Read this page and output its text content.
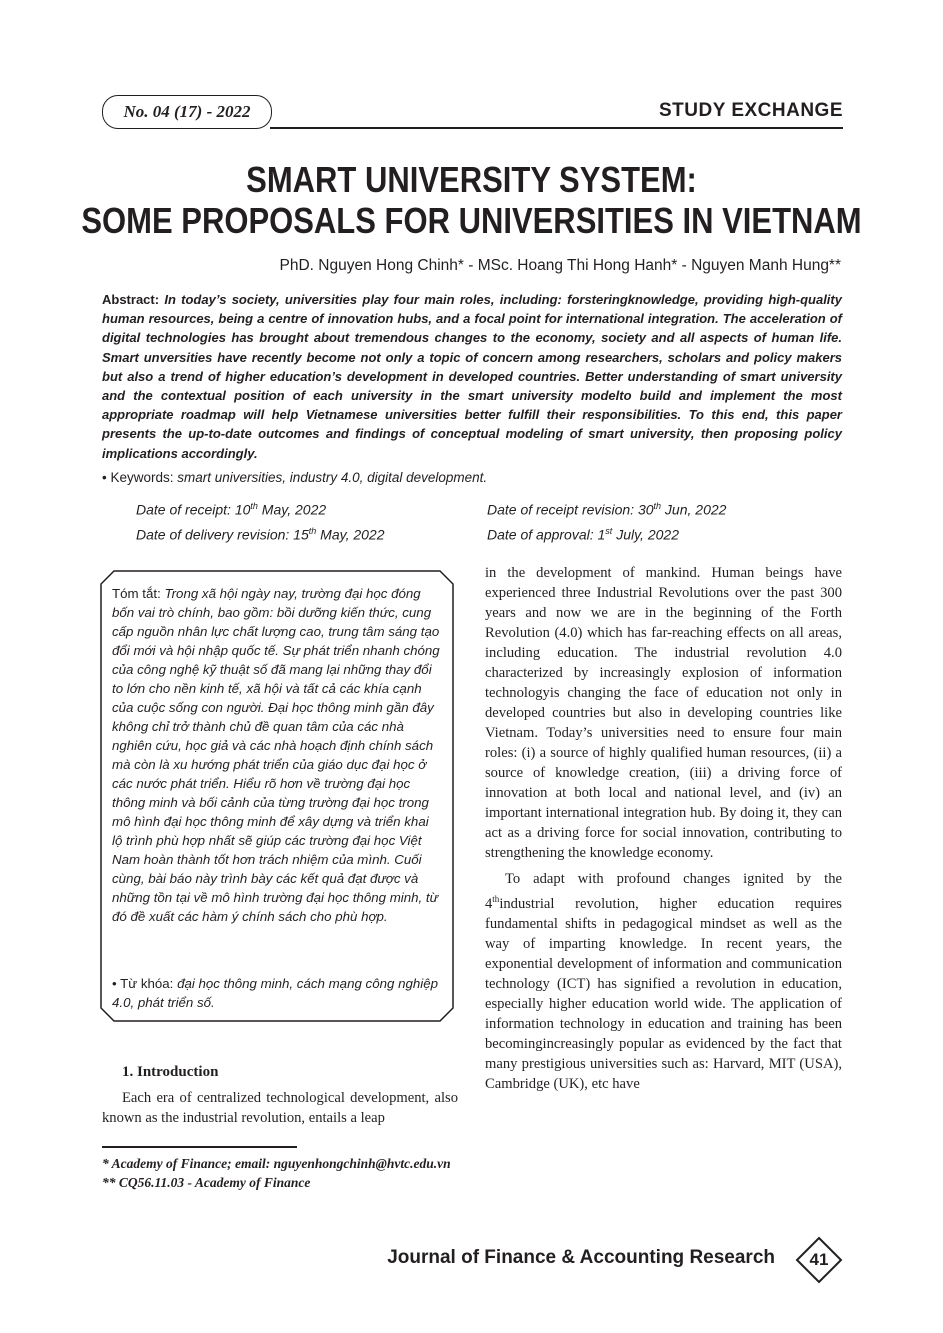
No. 04 (17) - 2022	STUDY EXCHANGE
SMART UNIVERSITY SYSTEM:
SOME PROPOSALS FOR UNIVERSITIES IN VIETNAM
PhD. Nguyen Hong Chinh* - MSc. Hoang Thi Hong Hanh* - Nguyen Manh Hung**
Abstract: In today’s society, universities play four main roles, including: forsteringknowledge, providing high-quality human resources, being a centre of innovation hubs, and a focal point for international integration. The acceleration of digital technologies has brought about tremendous changes to the economy, society and all aspects of human life. Smart unversities have recently become not only a topic of concern among researchers, scholars and policy makers but also a trend of higher education’s development in developed countries. Better understanding of smart university and the contextual position of each university in the smart university modelto build and implement the most appropriate roadmap will help Vietnamese universities better fulfill their responsibilities. To this end, this paper presents the up-to-date outcomes and findings of conceptual modeling of smart university, then proposing policy implications accordingly.
• Keywords: smart universities, industry 4.0, digital development.
Date of receipt: 10th May, 2022	Date of receipt revision: 30th Jun, 2022
Date of delivery revision: 15th May, 2022	Date of approval: 1st July, 2022
Tóm tắt: Trong xã hội ngày nay, trường đại học đóng bốn vai trò chính, bao gồm: bồi dưỡng kiến thức, cung cấp nguồn nhân lực chất lượng cao, trung tâm sáng tạo đổi mới và hội nhập quốc tế. Sự phát triển nhanh chóng của công nghệ kỹ thuật số đã mang lại những thay đổi to lớn cho nền kinh tế, xã hội và tất cả các khía cạnh của cuộc sống con người. Đại học thông minh gần đây không chỉ trở thành chủ đề quan tâm của các nhà nghiên cứu, học giả và các nhà hoạch định chính sách mà còn là xu hướng phát triển của giáo dục đại học ở các nước phát triển. Hiểu rõ hơn về trường đại học thông minh và bối cảnh của từng trường đại học trong mô hình đại học thông minh để xây dựng và triển khai lộ trình phù hợp nhất sẽ giúp các trường đại học Việt Nam hoàn thành tốt hơn trách nhiệm của mình. Cuối cùng, bài báo này trình bày các kết quả đạt được và những tồn tại về mô hình trường đại học thông minh, từ đó đề xuất các hàm ý chính sách cho phù hợp.
• Từ khóa: đại học thông minh, cách mạng công nghiệp 4.0, phát triển số.
1. Introduction
Each era of centralized technological development, also known as the industrial revolution, entails a leap

in the development of mankind. Human beings have experienced three Industrial Revolutions over the past 300 years and now we are in the beginning of the Forth Revolution (4.0) which has far-reaching effects on all areas, including education. The industrial revolution 4.0 characterized by increasingly explosion of information technologyis changing the face of education not only in developed countries but also in developing countries like Vietnam. Today’s universities need to ensure four main roles: (i) a source of highly qualified human resources, (ii) a source of knowledge creation, (iii) a driving force of innovation at both local and national level, and (iv) an important international integration hub. By doing it, they can act as a driving force for social innovation, contributing to strengthening the knowledge economy.

To adapt with profound changes ignited by the 4thindustrial revolution, higher education requires fundamental shifts in pedagogical mindset as well as the way of imparting knowledge. In recent years, the exponential development of information and communication technology (ICT) has signified a revolution in education, especially higher education world wide. The application of information technology in education and training has been becomingincreasingly popular as evidenced by the fact that many prestigious universities such as: Harvard, MIT (USA), Cambridge (UK), etc have

* Academy of Finance; email: nguyenhongchinh@hvtc.edu.vn
** CQ56.11.03 - Academy of Finance
Journal of Finance & Accounting Research	41
